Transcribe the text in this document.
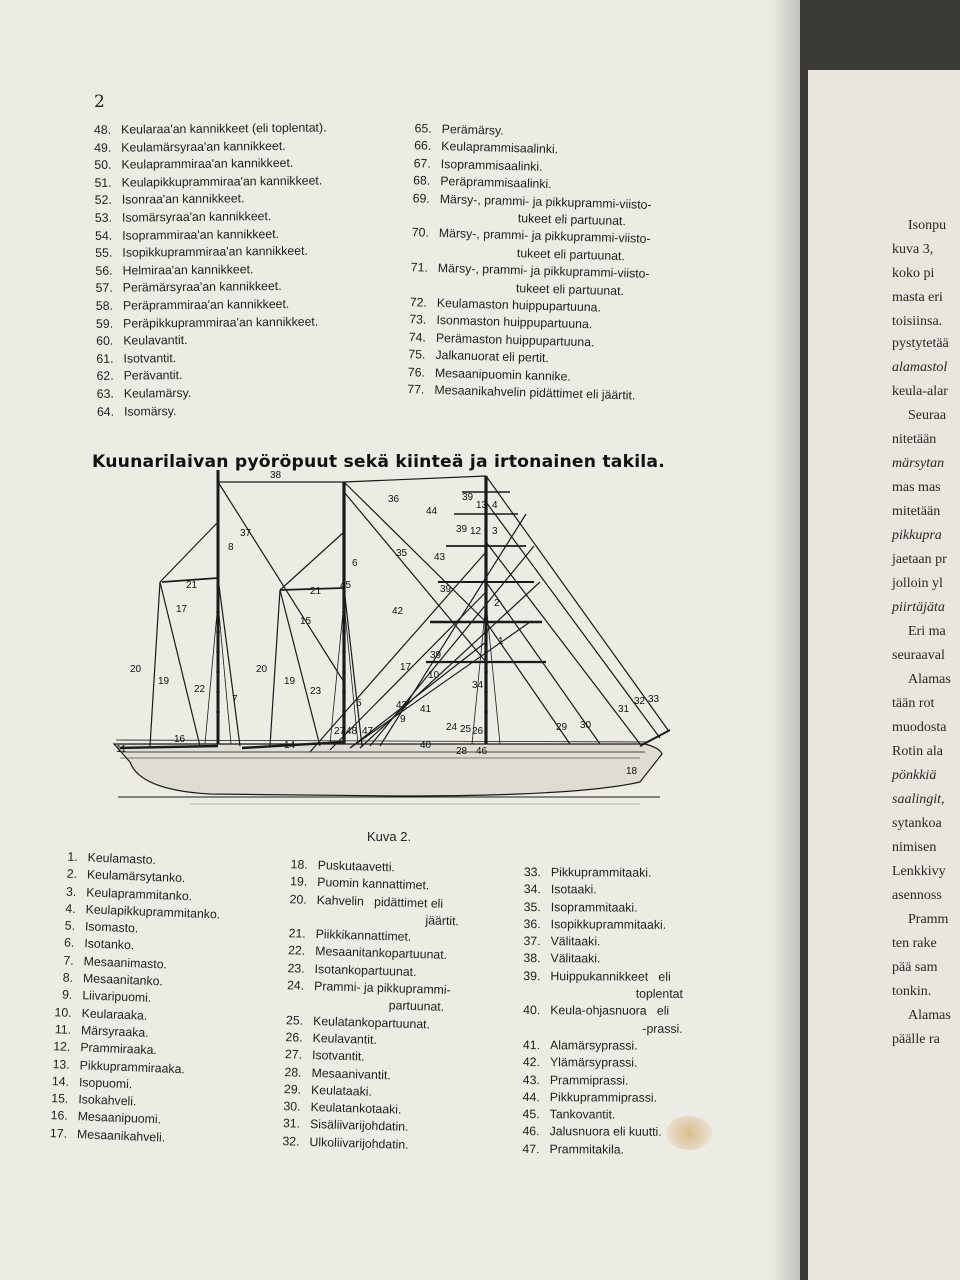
2
48. Keularaa'an kannikkeet (eli toplentat).
49. Keulamärsyraa'an kannikkeet.
50. Keulaprammiraa'an kannikkeet.
51. Keulapikkuprammiraa'an kannikkeet.
52. Isonraa'an kannikkeet.
53. Isomärsyraa'an kannikkeet.
54. Isoprammiraa'an kannikkeet.
55. Isopikkuprammiraa'an kannikkeet.
56. Helmiraa'an kannikkeet.
57. Perämärsyraa'an kannikkeet.
58. Peräprammiraa'an kannikkeet.
59. Peräpikkuprammiraa'an kannikkeet.
60. Keulavantit.
61. Isotvantit.
62. Perävantit.
63. Keulamärsy.
64. Isomärsy.
65. Perämärsy.
66. Keulaprammisaalinki.
67. Isoprammisaalinki.
68. Peräprammisaalinki.
69. Märsy-, prammi- ja pikkuprammi-viisto-
tukeet eli partuunat.
70. Märsy-, prammi- ja pikkuprammi-viisto-
tukeet eli partuunat.
71. Märsy-, prammi- ja pikkuprammi-viisto-
tukeet eli partuunat.
72. Keulamaston huippupartuuna.
73. Isonmaston huippupartuuna.
74. Perämaston huippupartuuna.
75. Jalkanuorat eli pertit.
76. Mesaanipuomin kannike.
77. Mesaanikahvelin pidättimet eli jäärtit.
Kuunarilaivan pyöröpuut sekä kiinteä ja irtonainen takila.
38
36
37
35
44
39
13 4
39 12 3
8
6
43
17
21	45
21
42
39
2
15
1
17
34
39
10
20
19
20
19
22
7
23
5	42 41
33
32
31
29 30
16
14	40
18
11
9
24 25 26
27
28 46
47
48
Kuva 2.
1. Keulamasto.
2. Keulamärsytanko.
3. Keulaprammitanko.
4. Keulapikkuprammitanko.
5. Isomasto.
6. Isotanko.
7. Mesaanimasto.
8. Mesaanitanko.
9. Liivaripuomi.
10. Keularaaka.
11. Märsyraaka.
12. Prammiraaka.
13. Pikkuprammiraaka.
14. Isopuomi.
15. Isokahveli.
16. Mesaanipuomi.
17. Mesaanikahveli.
18. Puskutaavetti.
19. Puomin kannattimet.
20. Kahvelin   pidättimet eli
jäärtit.
21. Piikkikannattimet.
22. Mesaanitankopartuunat.
23. Isotankopartuunat.
24. Prammi- ja pikkuprammi-
partuunat.
25. Keulatankopartuunat.
26. Keulavantit.
27. Isotvantit.
28. Mesaanivantit.
29. Keulataaki.
30. Keulatankotaaki.
31. Sisäliivarijohdatin.
32. Ulkoliivarijohdatin.
33. Pikkuprammitaaki.
34. Isotaaki.
35. Isoprammitaaki.
36. Isopikkuprammitaaki.
37. Välitaaki.
38. Välitaaki.
39. Huippukannikkeet   eli
toplentat
40. Keula-ohjasnuora   eli
-prassi.
41. Alamärsyprassi.
42. Ylämärsyprassi.
43. Prammiprassi.
44. Pikkuprammiprassi.
45. Tankovantit.
46. Jalusnuora eli kuutti.
47. Prammitakila.
Isonpu
kuva 3,
koko pi
masta eri
toisiinsa.
pystytetää
alamastol
keula-alar
Seuraa
nitetään
märsytan
mas mas
mitetään
pikkupra
jaetaan pr
jolloin yl
piirtäjäta
Eri ma
seuraaval
Alamas
tään rot
muodosta
Rotin ala
pönkkiä
saalingit,
sytankoa
nimisen
Lenkkivy
asennoss
Pramm
ten rake
pää sam
tonkin.
Alamas
päälle ra
